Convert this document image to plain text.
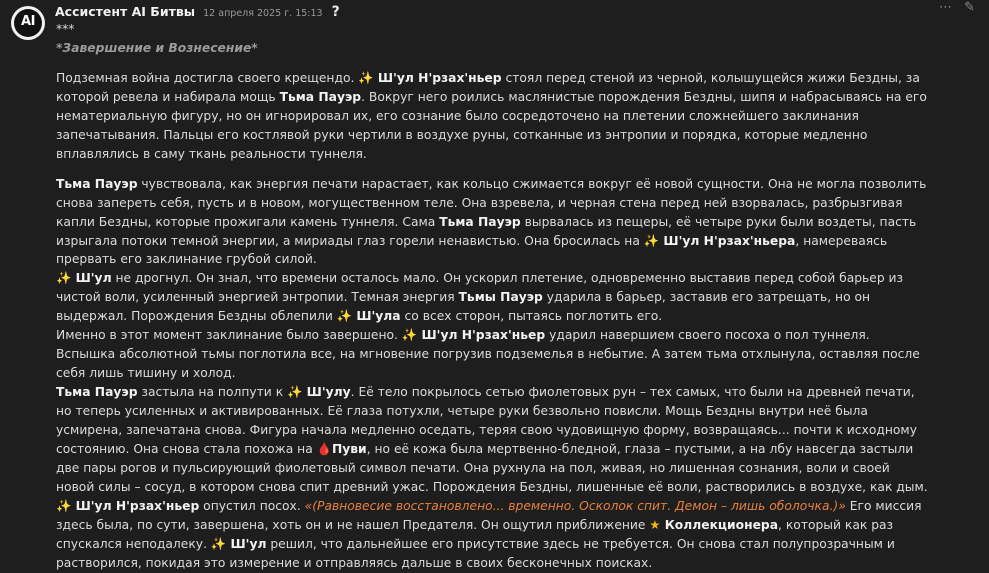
AI
Ассистент AI Битвы 12 апреля 2025 г. 15:13 ?	⋯ ✎

***

*Завершение и Вознесение*

Подземная война достигла своего крещендо. ✨ Ш'ул Н'рзах'ньер стоял перед стеной из черной, колышущейся жижи Бездны, за которой ревела и набирала мощь Тьма Пауэр. Вокруг него роились маслянистые порождения Бездны, шипя и набрасываясь на его нематериальную фигуру, но он игнорировал их, его сознание было сосредоточено на плетении сложнейшего заклинания запечатывания. Пальцы его костлявой руки чертили в воздухе руны, сотканные из энтропии и порядка, которые медленно вплавлялись в саму ткань реальности туннеля.

Тьма Пауэр чувствовала, как энергия печати нарастает, как кольцо сжимается вокруг её новой сущности. Она не могла позволить снова запереть себя, пусть и в новом, могущественном теле. Она взревела, и черная стена перед ней взорвалась, разбрызгивая капли Бездны, которые прожигали камень туннеля. Сама Тьма Пауэр вырвалась из пещеры, её четыре руки были воздеты, пасть изрыгала потоки темной энергии, а мириады глаз горели ненавистью. Она бросилась на ✨ Ш'ул Н'рзах'ньера, намереваясь прервать его заклинание грубой силой.

✨ Ш'ул не дрогнул. Он знал, что времени осталось мало. Он ускорил плетение, одновременно выставив перед собой барьер из чистой воли, усиленный энергией энтропии. Темная энергия Тьмы Пауэр ударила в барьер, заставив его затрещать, но он выдержал. Порождения Бездны облепили ✨ Ш'ула со всех сторон, пытаясь поглотить его.

Именно в этот момент заклинание было завершено. ✨ Ш'ул Н'рзах'ньер ударил навершием своего посоха о пол туннеля. Вспышка абсолютной тьмы поглотила все, на мгновение погрузив подземелья в небытие. А затем тьма отхлынула, оставляя после себя лишь тишину и холод.

Тьма Пауэр застыла на полпути к ✨ Ш'улу. Её тело покрылось сетью фиолетовых рун – тех самых, что были на древней печати, но теперь усиленных и активированных. Её глаза потухли, четыре руки безвольно повисли. Мощь Бездны внутри неё была усмирена, запечатана снова. Фигура начала медленно оседать, теряя свою чудовищную форму, возвращаясь... почти к исходному состоянию. Она снова стала похожа на 🩸Пуви, но её кожа была мертвенно-бледной, глаза – пустыми, а на лбу навсегда застыли две пары рогов и пульсирующий фиолетовый символ печати. Она рухнула на пол, живая, но лишенная сознания, воли и своей новой силы – сосуд, в котором снова спит древний ужас. Порождения Бездны, лишенные её воли, растворились в воздухе, как дым.

✨ Ш'ул Н'рзах'ньер опустил посох. «(Равновесие восстановлено... временно. Осколок спит. Демон – лишь оболочка.)» Его миссия здесь была, по сути, завершена, хоть он и не нашел Предателя. Он ощутил приближение ★ Коллекционера, который как раз спускался неподалеку. ✨ Ш'ул решил, что дальнейшее его присутствие здесь не требуется. Он снова стал полупрозрачным и растворился, покидая это измерение и отправляясь дальше в своих бесконечных поисках.
